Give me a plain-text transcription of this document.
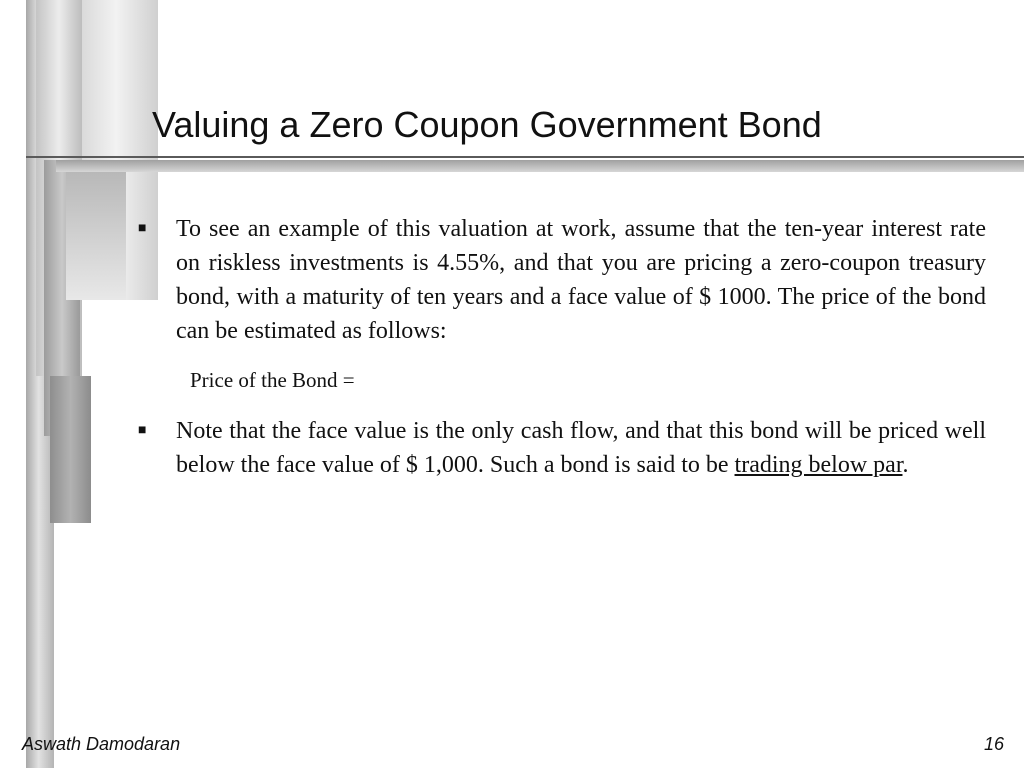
Valuing a Zero Coupon Government Bond
■	To see an example of this valuation at work, assume that the ten-year interest rate on riskless investments is 4.55%, and that you are pricing a zero-coupon treasury bond, with a maturity of ten years and a face value of $ 1000. The price of the bond can be estimated as follows:

Price of the Bond =

■	Note that the face value is the only cash flow, and that this bond will be priced well below the face value of $ 1,000. Such a bond is said to be trading below par.

Aswath Damodaran	16
